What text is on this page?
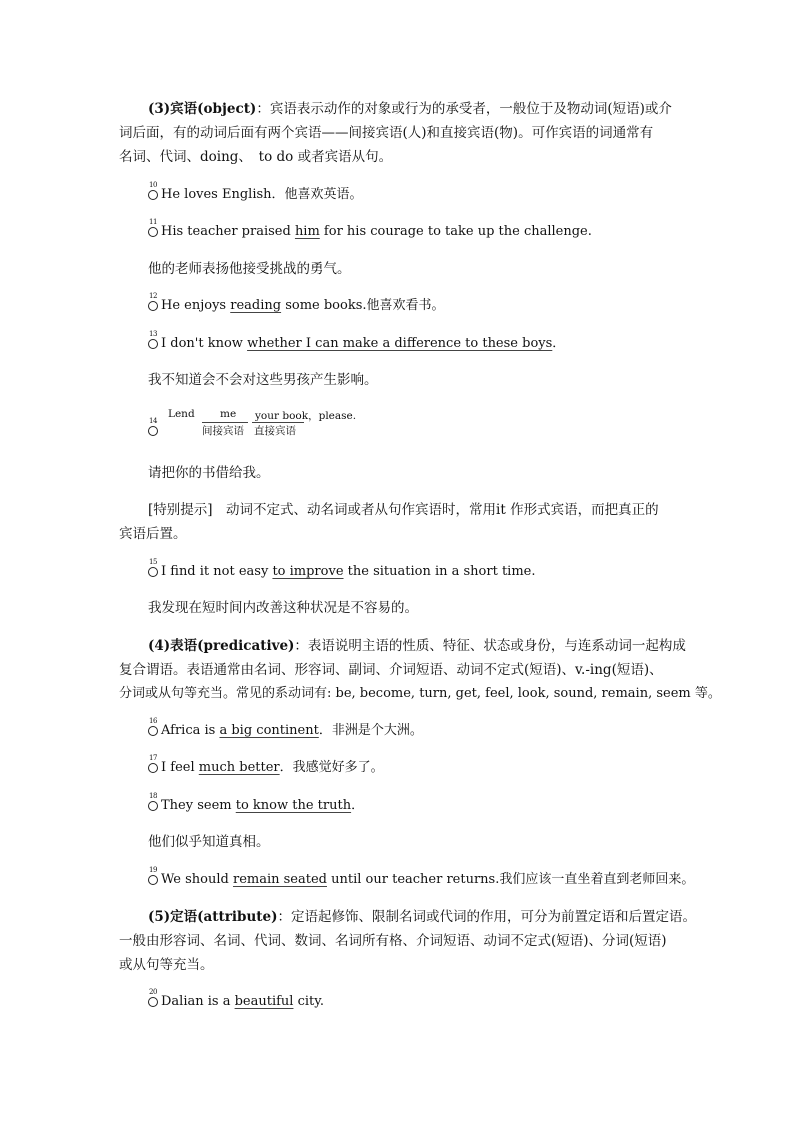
(3)宾语(object)：宾语表示动作的对象或行为的承受者，一般位于及物动词(短语)或介
词后面，有的动词后面有两个宾语——间接宾语(人)和直接宾语(物)。可作宾语的词通常有
名词、代词、doing、　to do 或者宾语从句。
10
He loves English．他喜欢英语。
11
His teacher praised him for his courage to take up the challenge.
他的老师表扬他接受挑战的勇气。
12
He enjoys reading some books.他喜欢看书。
13
I don't know whether I can make a difference to these boys．
我不知道会不会对这些男孩产生影响。
14
Lend me your book，please.
间接宾语 直接宾语
请把你的书借给我。
[特别提示]　动词不定式、动名词或者从句作宾语时，常用it 作形式宾语，而把真正的
宾语后置。
15
I find it not easy to improve the situation in a short time.
我发现在短时间内改善这种状况是不容易的。
(4)表语(predicative)：表语说明主语的性质、特征、状态或身份，与连系动词一起构成
复合谓语。表语通常由名词、形容词、副词、介词短语、动词不定式(短语)、v.-ing(短语)、
分词或从句等充当。常见的系动词有: be, become, turn, get, feel, look, sound, remain, seem 等。
16
Africa is a big continent．非洲是个大洲。
17
I feel much better．我感觉好多了。
18
They seem to know the truth．
他们似乎知道真相。
19
We should remain seated until our teacher returns.我们应该一直坐着直到老师回来。
(5)定语(attribute)：定语起修饰、限制名词或代词的作用，可分为前置定语和后置定语。
一般由形容词、名词、代词、数词、名词所有格、介词短语、动词不定式(短语)、分词(短语)
或从句等充当。
20
Dalian is a beautiful city.
